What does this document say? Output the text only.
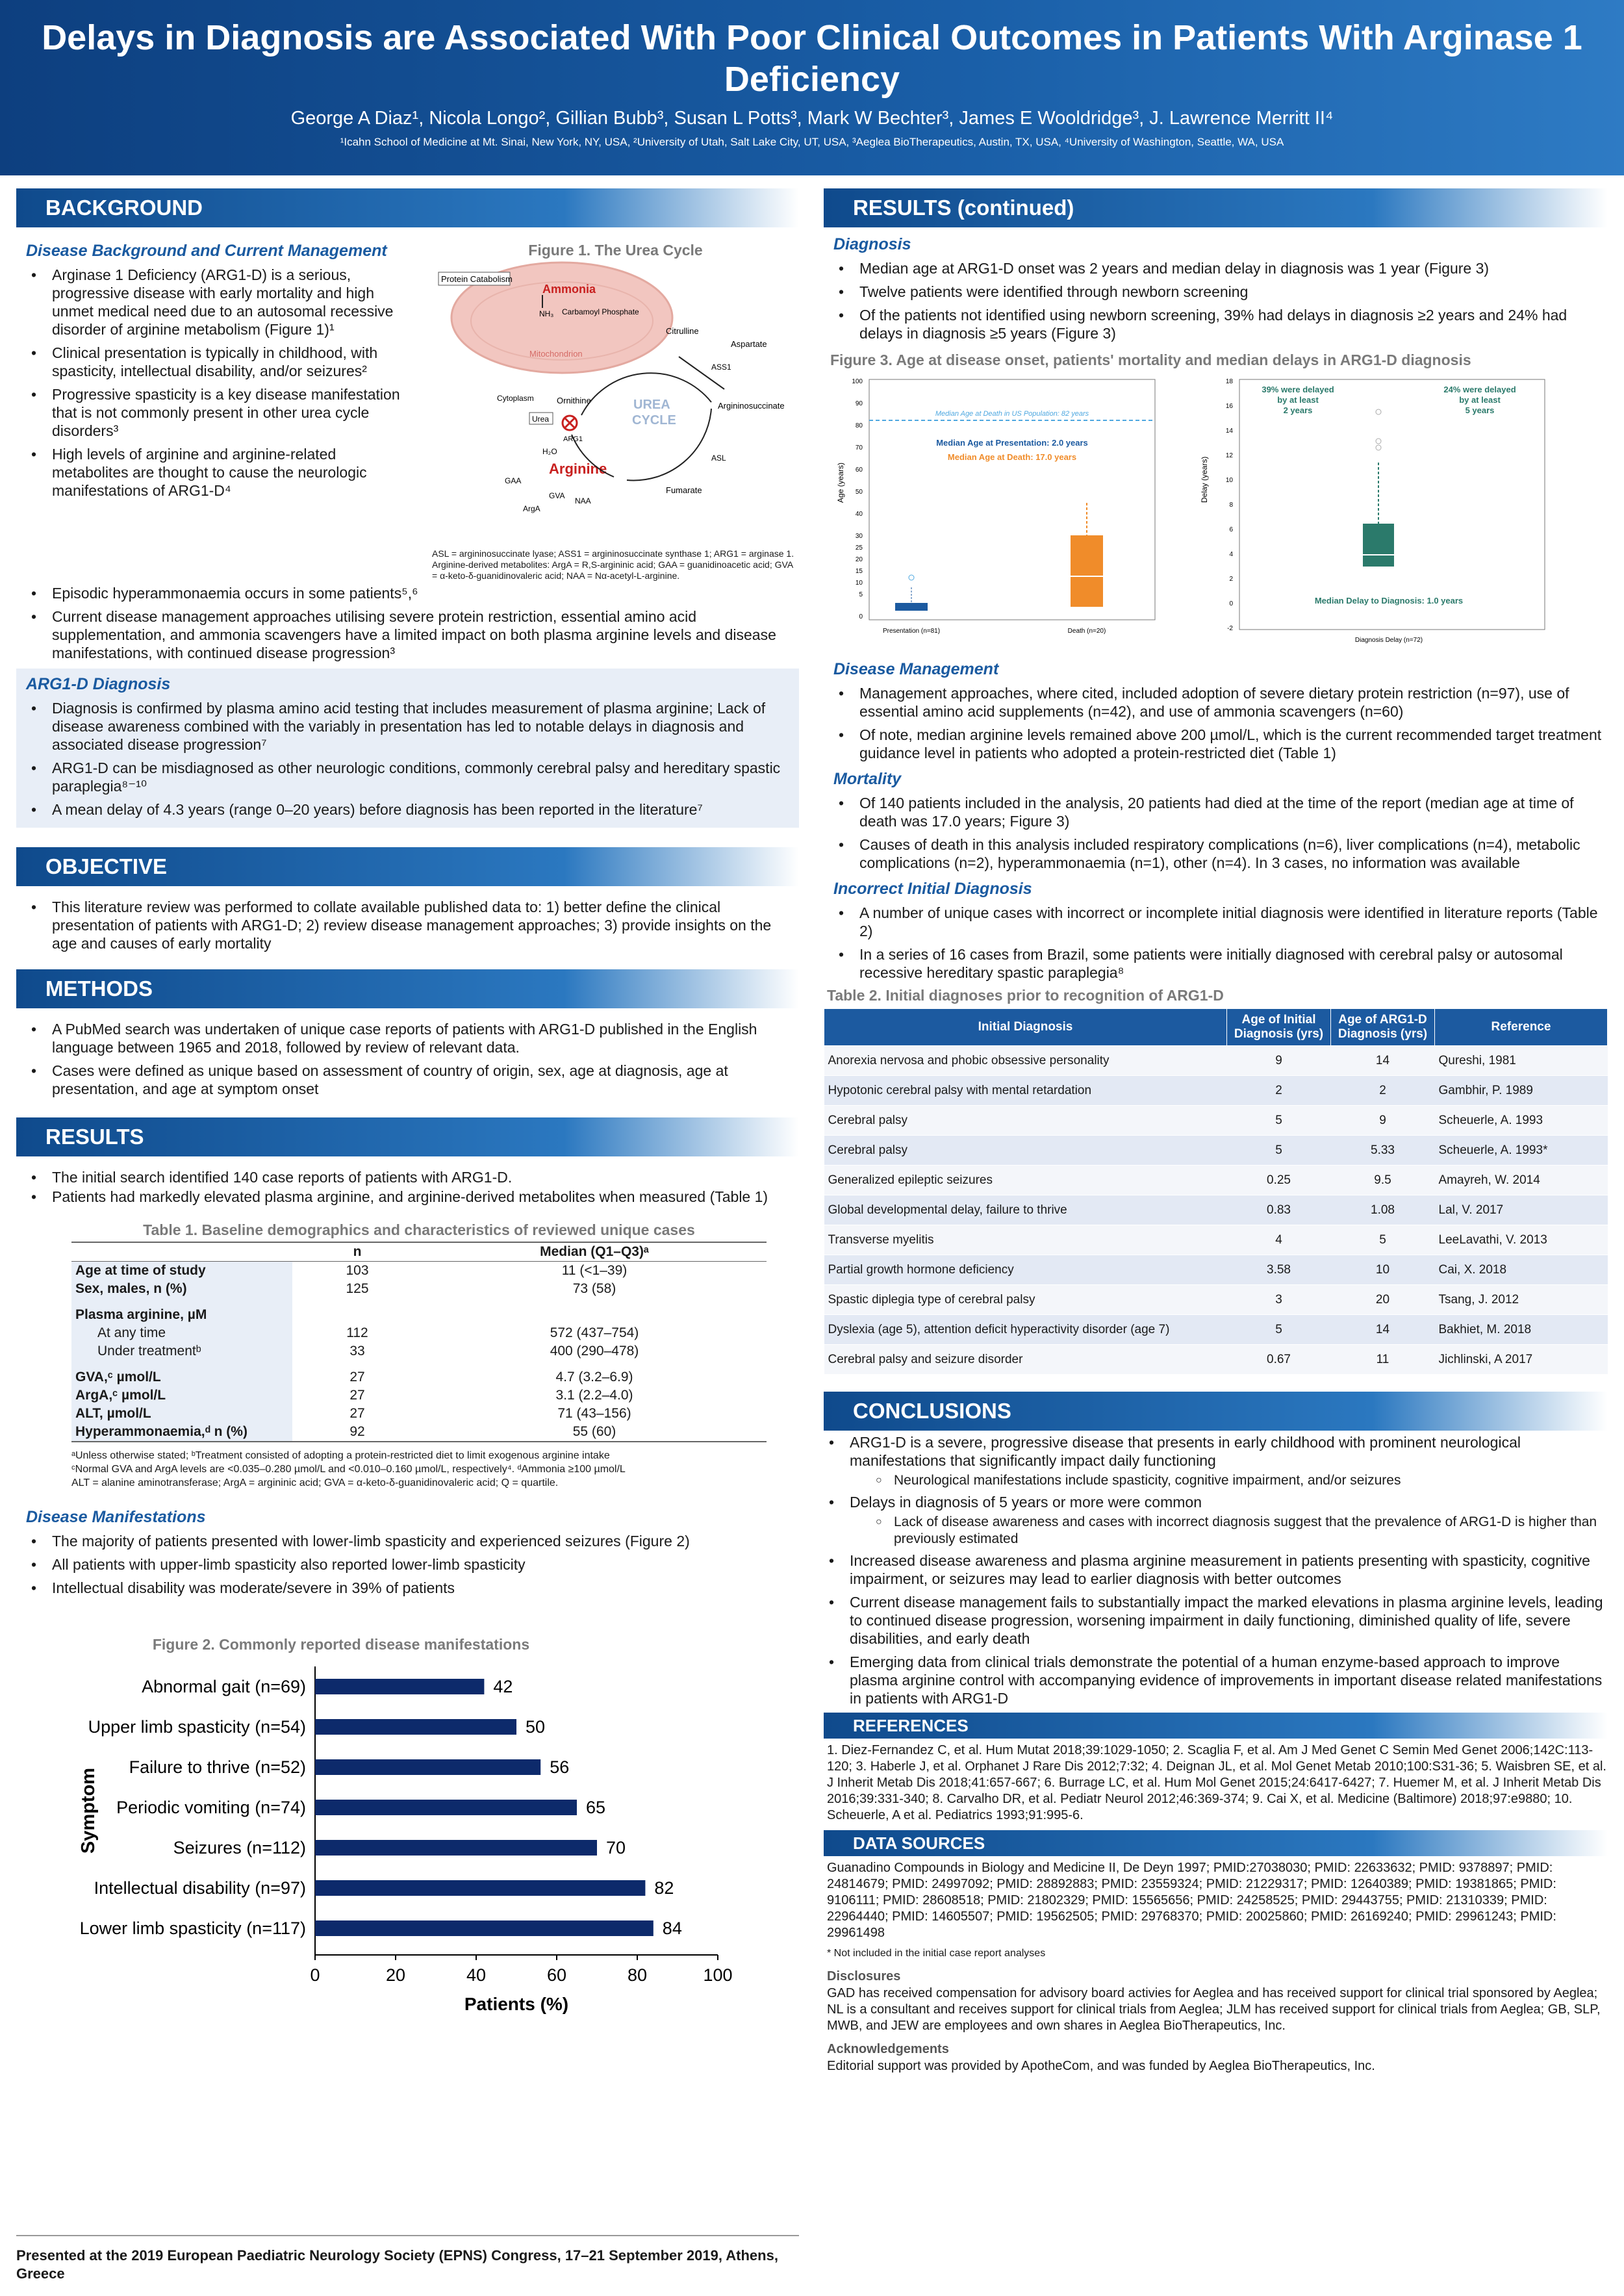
Delays in Diagnosis are Associated With Poor Clinical Outcomes in Patients With Arginase 1 Deficiency
George A Diaz¹, Nicola Longo², Gillian Bubb³, Susan L Potts³, Mark W Bechter³, James E Wooldridge³, J. Lawrence Merritt II⁴
¹Icahn School of Medicine at Mt. Sinai, New York, NY, USA, ²University of Utah, Salt Lake City, UT, USA, ³Aeglea BioTherapeutics, Austin, TX, USA, ⁴University of Washington, Seattle, WA, USA
BACKGROUND
Disease Background and Current Management
• Arginase 1 Deficiency (ARG1-D) is a serious, progressive disease with early mortality and high unmet medical need due to an autosomal recessive disorder of arginine metabolism (Figure 1)¹
• Clinical presentation is typically in childhood, with spasticity, intellectual disability, and/or seizures²
• Progressive spasticity is a key disease manifestation that is not commonly present in other urea cycle disorders³
• High levels of arginine and arginine-related metabolites are thought to cause the neurologic manifestations of ARG1-D⁴
Figure 1. The Urea Cycle
Protein Catabolism
Ammonia
NH₃ Carbamoyl Phosphate
Mitochondrion
Citrulline
Aspartate
ASS1
Cytoplasm	Ornithine
Urea
ARG1
H₂O
UREA
CYCLE
Argininosuccinate
ASL
Arginine
Fumarate
GAA
GVA
NAA
ArgA
ASL = argininosuccinate lyase; ASS1 = argininosuccinate synthase 1; ARG1 = arginase 1. Arginine-derived metabolites: ArgA = R,S-argininic acid; GAA = guanidinoacetic acid; GVA = α-keto-δ-guanidinovaleric acid; NAA = Nα-acetyl-L-arginine.
• Episodic hyperammonaemia occurs in some patients⁵,⁶
• Current disease management approaches utilising severe protein restriction, essential amino acid supplementation, and ammonia scavengers have a limited impact on both plasma arginine levels and disease manifestations, with continued disease progression³
ARG1-D Diagnosis
• Diagnosis is confirmed by plasma amino acid testing that includes measurement of plasma arginine; Lack of disease awareness combined with the variably in presentation has led to notable delays in diagnosis and associated disease progression⁷
• ARG1-D can be misdiagnosed as other neurologic conditions, commonly cerebral palsy and hereditary spastic paraplegia⁸⁻¹⁰
• A mean delay of 4.3 years (range 0–20 years) before diagnosis has been reported in the literature⁷
OBJECTIVE
• This literature review was performed to collate available published data to: 1) better define the clinical presentation of patients with ARG1-D; 2) review disease management approaches; 3) provide insights on the age and causes of early mortality
METHODS
• A PubMed search was undertaken of unique case reports of patients with ARG1-D published in the English language between 1965 and 2018, followed by review of relevant data.
• Cases were defined as unique based on assessment of country of origin, sex, age at diagnosis, age at presentation, and age at symptom onset
RESULTS
• The initial search identified 140 case reports of patients with ARG1-D.
• Patients had markedly elevated plasma arginine, and arginine-derived metabolites when measured (Table 1)
Table 1. Baseline demographics and characteristics of reviewed unique cases
	n	Median (Q1–Q3)ᵃ
Age at time of study	103	11 (<1–39)
Sex, males, n (%)	125	73 (58)

Plasma arginine, µM		
At any time	112	572 (437–754)
Under treatmentᵇ	33	400 (290–478)

GVA,ᶜ µmol/L	27	4.7 (3.2–6.9)
ArgA,ᶜ µmol/L	27	3.1 (2.2–4.0)
ALT, µmol/L	27	71 (43–156)
Hyperammonaemia,ᵈ n (%)	92	55 (60)
ᵃUnless otherwise stated; ᵇTreatment consisted of adopting a protein-restricted diet to limit exogenous arginine intake
ᶜNormal GVA and ArgA levels are <0.035–0.280 µmol/L and <0.010–0.160 µmol/L, respectively⁴. ᵈAmmonia ≥100 µmol/L
ALT = alanine aminotransferase; ArgA = argininic acid; GVA = α-keto-δ-guanidinovaleric acid; Q = quartile.
Disease Manifestations
• The majority of patients presented with lower-limb spasticity and experienced seizures (Figure 2)
• All patients with upper-limb spasticity also reported lower-limb spasticity
• Intellectual disability was moderate/severe in 39% of patients
Figure 2. Commonly reported disease manifestations
Abnormal gait (n=69)	42
Upper limb spasticity (n=54)	50
Failure to thrive (n=52)	56
Periodic vomiting (n=74)	65
Seizures (n=112)	70
Intellectual disability (n=97)	82
Lower limb spasticity (n=117)	84
0	20	40	60	80	100
Patients (%)
Symptom
Presented at the 2019 European Paediatric Neurology Society (EPNS) Congress, 17–21 September 2019, Athens, Greece
RESULTS (continued)
Diagnosis
• Median age at ARG1-D onset was 2 years and median delay in diagnosis was 1 year (Figure 3)
• Twelve patients were identified through newborn screening
• Of the patients not identified using newborn screening, 39% had delays in diagnosis ≥2 years and 24% had delays in diagnosis ≥5 years (Figure 3)
Figure 3. Age at disease onset, patients' mortality and median delays in ARG1-D diagnosis
Age (years)
100
90
80
70
60
50
40
30
25
20
15
10
5
0
Median Age at Death in US Population: 82 years
Median Age at Presentation: 2.0 years
Median Age at Death: 17.0 years
Presentation (n=81)	Death (n=20)
Delay (years)
18
16
14
12
10
8
6
4
2
0
-2
39% were delayed
by at least
2 years
24% were delayed
by at least
5 years
Median Delay to Diagnosis: 1.0 years
Diagnosis Delay (n=72)
Disease Management
• Management approaches, where cited, included adoption of severe dietary protein restriction (n=97), use of essential amino acid supplements (n=42), and use of ammonia scavengers (n=60)
• Of note, median arginine levels remained above 200 µmol/L, which is the current recommended target treatment guidance level in patients who adopted a protein-restricted diet (Table 1)
Mortality
• Of 140 patients included in the analysis, 20 patients had died at the time of the report (median age at time of death was 17.0 years; Figure 3)
• Causes of death in this analysis included respiratory complications (n=6), liver complications (n=4), metabolic complications (n=2), hyperammonaemia (n=1), other (n=4). In 3 cases, no information was available
Incorrect Initial Diagnosis
• A number of unique cases with incorrect or incomplete initial diagnosis were identified in literature reports (Table 2)
• In a series of 16 cases from Brazil, some patients were initially diagnosed with cerebral palsy or autosomal recessive hereditary spastic paraplegia⁸
Table 2. Initial diagnoses prior to recognition of ARG1-D
Initial Diagnosis	Age of Initial Diagnosis (yrs)	Age of ARG1-D Diagnosis (yrs)	Reference
Anorexia nervosa and phobic obsessive personality	9	14	Qureshi, 1981
Hypotonic cerebral palsy with mental retardation	2	2	Gambhir, P. 1989
Cerebral palsy	5	9	Scheuerle, A. 1993
Cerebral palsy	5	5.33	Scheuerle, A. 1993*
Generalized epileptic seizures	0.25	9.5	Amayreh, W. 2014
Global developmental delay, failure to thrive	0.83	1.08	Lal, V. 2017
Transverse myelitis	4	5	LeeLavathi, V. 2013
Partial growth hormone deficiency	3.58	10	Cai, X. 2018
Spastic diplegia type of cerebral palsy	3	20	Tsang, J. 2012
Dyslexia (age 5), attention deficit hyperactivity disorder (age 7)	5	14	Bakhiet, M. 2018
Cerebral palsy and seizure disorder	0.67	11	Jichlinski, A 2017
CONCLUSIONS
• ARG1-D is a severe, progressive disease that presents in early childhood with prominent neurological manifestations that significantly impact daily functioning
○ Neurological manifestations include spasticity, cognitive impairment, and/or seizures
• Delays in diagnosis of 5 years or more were common
○ Lack of disease awareness and cases with incorrect diagnosis suggest that the prevalence of ARG1-D is higher than previously estimated
• Increased disease awareness and plasma arginine measurement in patients presenting with spasticity, cognitive impairment, or seizures may lead to earlier diagnosis with better outcomes
• Current disease management fails to substantially impact the marked elevations in plasma arginine levels, leading to continued disease progression, worsening impairment in daily functioning, diminished quality of life, severe disabilities, and early death
• Emerging data from clinical trials demonstrate the potential of a human enzyme-based approach to improve plasma arginine control with accompanying evidence of improvements in important disease related manifestations in patients with ARG1-D
REFERENCES
1. Diez-Fernandez C, et al. Hum Mutat 2018;39:1029-1050; 2. Scaglia F, et al. Am J Med Genet C Semin Med Genet 2006;142C:113-120; 3. Haberle J, et al. Orphanet J Rare Dis 2012;7:32; 4. Deignan JL, et al. Mol Genet Metab 2010;100:S31-36; 5. Waisbren SE, et al. J Inherit Metab Dis 2018;41:657-667; 6. Burrage LC, et al. Hum Mol Genet 2015;24:6417-6427; 7. Huemer M, et al. J Inherit Metab Dis 2016;39:331-340; 8. Carvalho DR, et al. Pediatr Neurol 2012;46:369-374; 9. Cai X, et al. Medicine (Baltimore) 2018;97:e9880; 10. Scheuerle, A et al. Pediatrics 1993;91:995-6.
DATA SOURCES
Guanadino Compounds in Biology and Medicine II, De Deyn 1997; PMID:27038030; PMID: 22633632; PMID: 9378897; PMID: 24814679; PMID: 24997092; PMID: 28892883; PMID: 23559324; PMID: 21229317; PMID: 12640389; PMID: 19381865; PMID: 9106111; PMID: 28608518; PMID: 21802329; PMID: 15565656; PMID: 24258525; PMID: 29443755; PMID: 21310339; PMID: 22964440; PMID: 14605507; PMID: 19562505; PMID: 29768370; PMID: 20025860; PMID: 26169240; PMID: 29961243; PMID: 29961498
* Not included in the initial case report analyses
Disclosures
GAD has received compensation for advisory board activies for Aeglea and has received support for clinical trial sponsored by Aeglea; NL is a consultant and receives support for clinical trials from Aeglea; JLM has received support for clinical trials from Aeglea; GB, SLP, MWB, and JEW are employees and own shares in Aeglea BioTherapeutics, Inc.
Acknowledgements
Editorial support was provided by ApotheCom, and was funded by Aeglea BioTherapeutics, Inc.
